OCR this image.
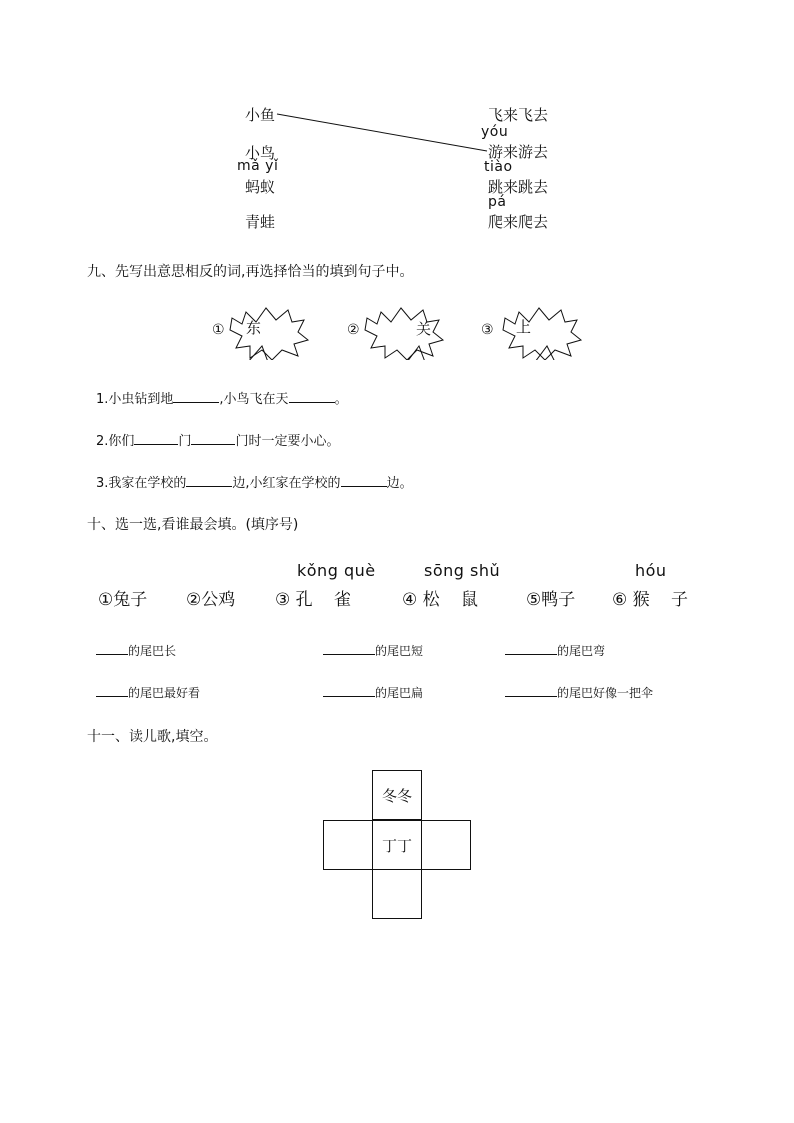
小鱼
小鸟
mǎ yǐ
蚂蚁
青蛙
飞来飞去
yóu
游来游去
tiào
跳来跳去
pá
爬来爬去
九、先写出意思相反的词,再选择恰当的填到句子中。
① 东	②	关	③ 上
1.小虫钻到地	,小鸟飞在天	。
2.你们	门	门时一定要小心。
3.我家在学校的	边,小红家在学校的	边。
十、选一选,看谁最会填。(填序号)
kǒng què	sōng shǔ	hóu
①兔子 ②公鸡 ③ 孔 雀	④ 松 鼠 ⑤鸭子 ⑥ 猴 子
的尾巴长	的尾巴短	的尾巴弯
的尾巴最好看	的尾巴扁	的尾巴好像一把伞
十一、读儿歌,填空。
冬冬
丁丁
